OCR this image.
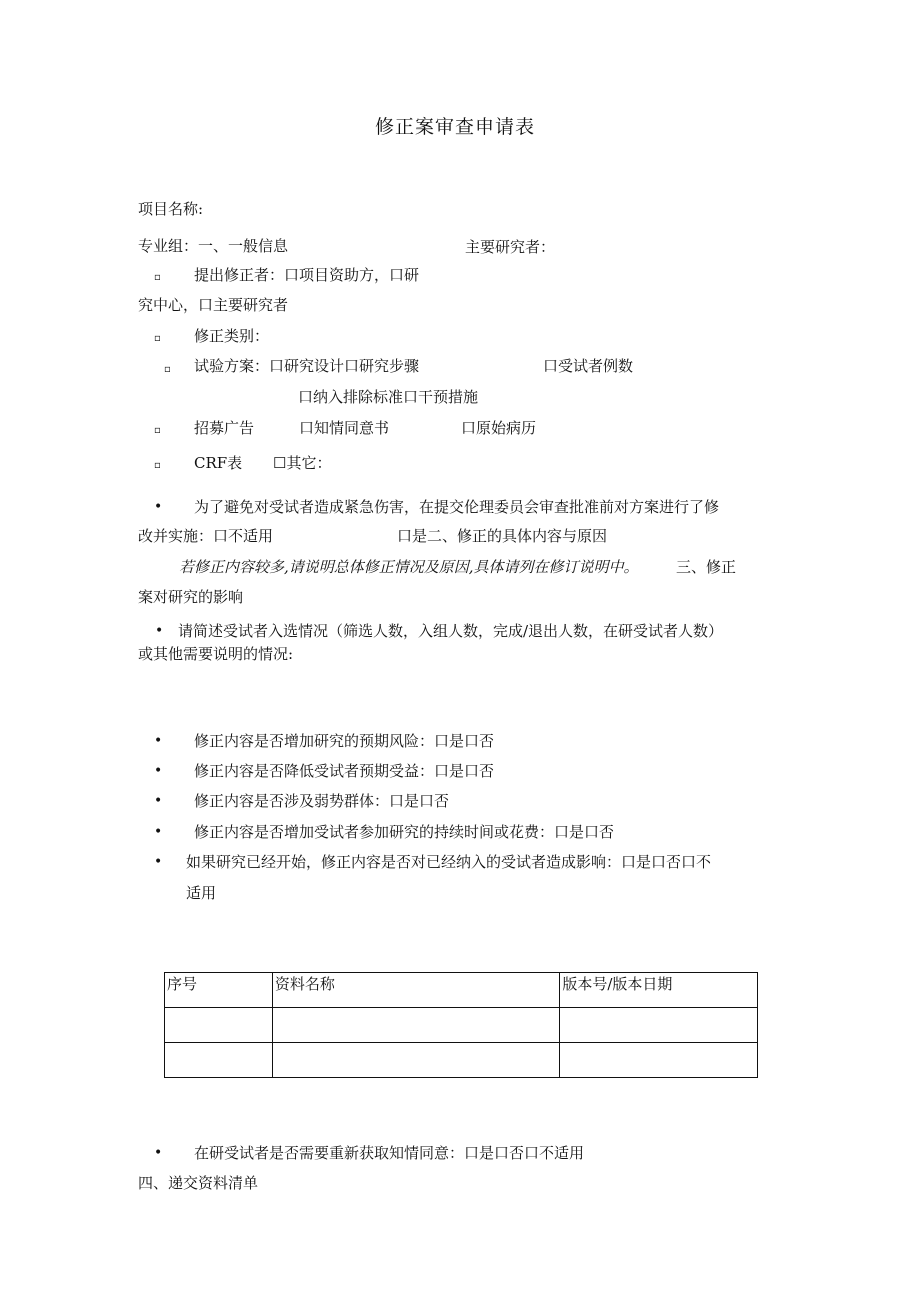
修正案审查申请表
项目名称:
专业组：一、一般信息	主要研究者：
▫ 提出修正者：口项目资助方，口研
究中心，口主要研究者
▫ 修正类别：
▫ 试验方案：口研究设计口研究步骤	口受试者例数
口纳入排除标准口干预措施
▫ 招募广告	口知情同意书	口原始病历
▫ CRF表 ☐其它：
• 为了避免对受试者造成紧急伤害，在提交伦理委员会审查批准前对方案进行了修
改并实施：口不适用	口是二、修正的具体内容与原因
若修正内容较多,请说明总体修正情况及原因,具体请列在修订说明中。 三、修正
案对研究的影响
• 请简述受试者入选情况（筛选人数，入组人数，完成/退出人数，在研受试者人数）
或其他需要说明的情况:
• 修正内容是否增加研究的预期风险：口是口否
• 修正内容是否降低受试者预期受益：口是口否
• 修正内容是否涉及弱势群体：口是口否
• 修正内容是否增加受试者参加研究的持续时间或花费：口是口否
• 如果研究已经开始，修正内容是否对已经纳入的受试者造成影响：口是口否口不
适用
序号	资料名称	版本号/版本日期

• 在研受试者是否需要重新获取知情同意：口是口否口不适用
四、递交资料清单
